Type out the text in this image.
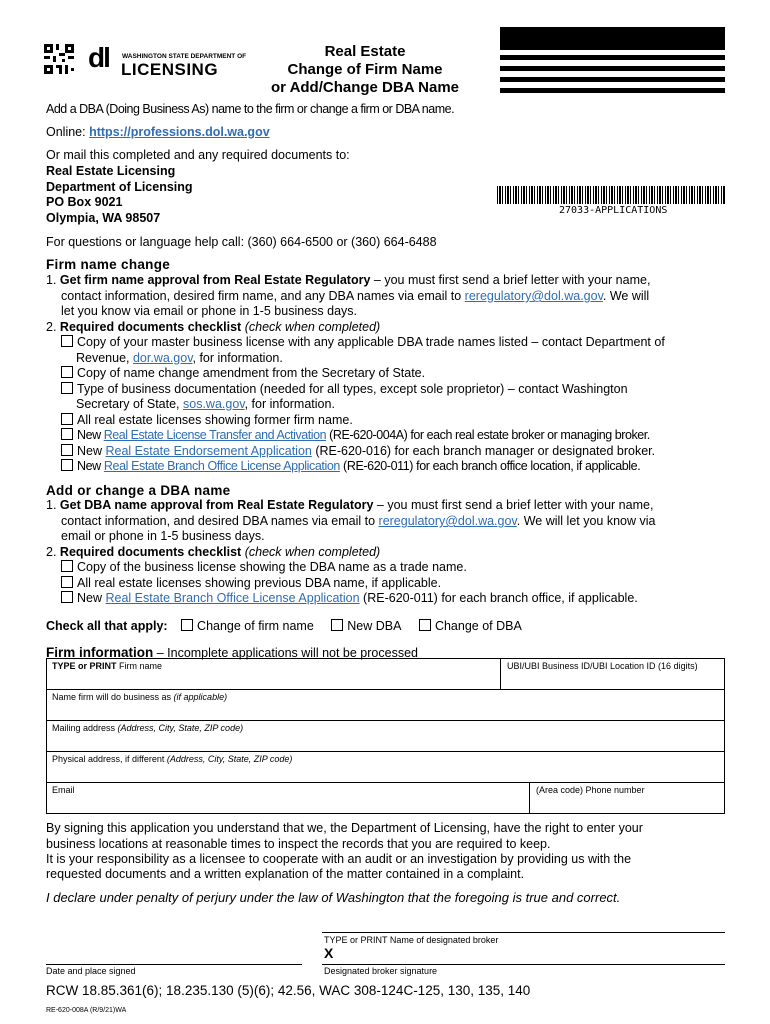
dl WASHINGTON STATE DEPARTMENT OF
LICENSING
Real Estate
Change of Firm Name
or Add/Change DBA Name
Add a DBA (Doing Business As) name to the firm or change a firm or DBA name.
Online: https://professions.dol.wa.gov
Or mail this completed and any required documents to:
Real Estate Licensing
Department of Licensing
PO Box 9021
Olympia, WA 98507
27033-APPLICATIONS
For questions or language help call: (360) 664-6500 or (360) 664-6488
Firm name change
1. Get firm name approval from Real Estate Regulatory – you must first send a brief letter with your name,
contact information, desired firm name, and any DBA names via email to reregulatory@dol.wa.gov. We will
let you know via email or phone in 1-5 business days.
2. Required documents checklist (check when completed)
Copy of your master business license with any applicable DBA trade names listed – contact Department of
Revenue, dor.wa.gov, for information.
Copy of name change amendment from the Secretary of State.
Type of business documentation (needed for all types, except sole proprietor) – contact Washington
Secretary of State, sos.wa.gov, for information.
All real estate licenses showing former firm name.
New Real Estate License Transfer and Activation (RE-620-004A) for each real estate broker or managing broker.
New Real Estate Endorsement Application (RE-620-016) for each branch manager or designated broker.
New Real Estate Branch Office License Application (RE-620-011) for each branch office location, if applicable.
Add or change a DBA name
1. Get DBA name approval from Real Estate Regulatory – you must first send a brief letter with your name,
contact information, and desired DBA names via email to reregulatory@dol.wa.gov. We will let you know via
email or phone in 1-5 business days.
2. Required documents checklist (check when completed)
Copy of the business license showing the DBA name as a trade name.
All real estate licenses showing previous DBA name, if applicable.
New Real Estate Branch Office License Application (RE-620-011) for each branch office, if applicable.
Check all that apply: Change of firm name	New DBA	Change of DBA
Firm information – Incomplete applications will not be processed
TYPE or PRINT Firm name	UBI/UBI Business ID/UBI Location ID (16 digits)
Name firm will do business as (if applicable)
Mailing address (Address, City, State, ZIP code)
Physical address, if different (Address, City, State, ZIP code)
Email	(Area code) Phone number
By signing this application you understand that we, the Department of Licensing, have the right to enter your
business locations at reasonable times to inspect the records that you are required to keep.
It is your responsibility as a licensee to cooperate with an audit or an investigation by providing us with the
requested documents and a written explanation of the matter contained in a complaint.
I declare under penalty of perjury under the law of Washington that the foregoing is true and correct.
TYPE or PRINT Name of designated broker
X
Date and place signed	Designated broker signature
RCW 18.85.361(6); 18.235.130 (5)(6); 42.56, WAC 308-124C-125, 130, 135, 140
RE-620-008A (R/9/21)WA
